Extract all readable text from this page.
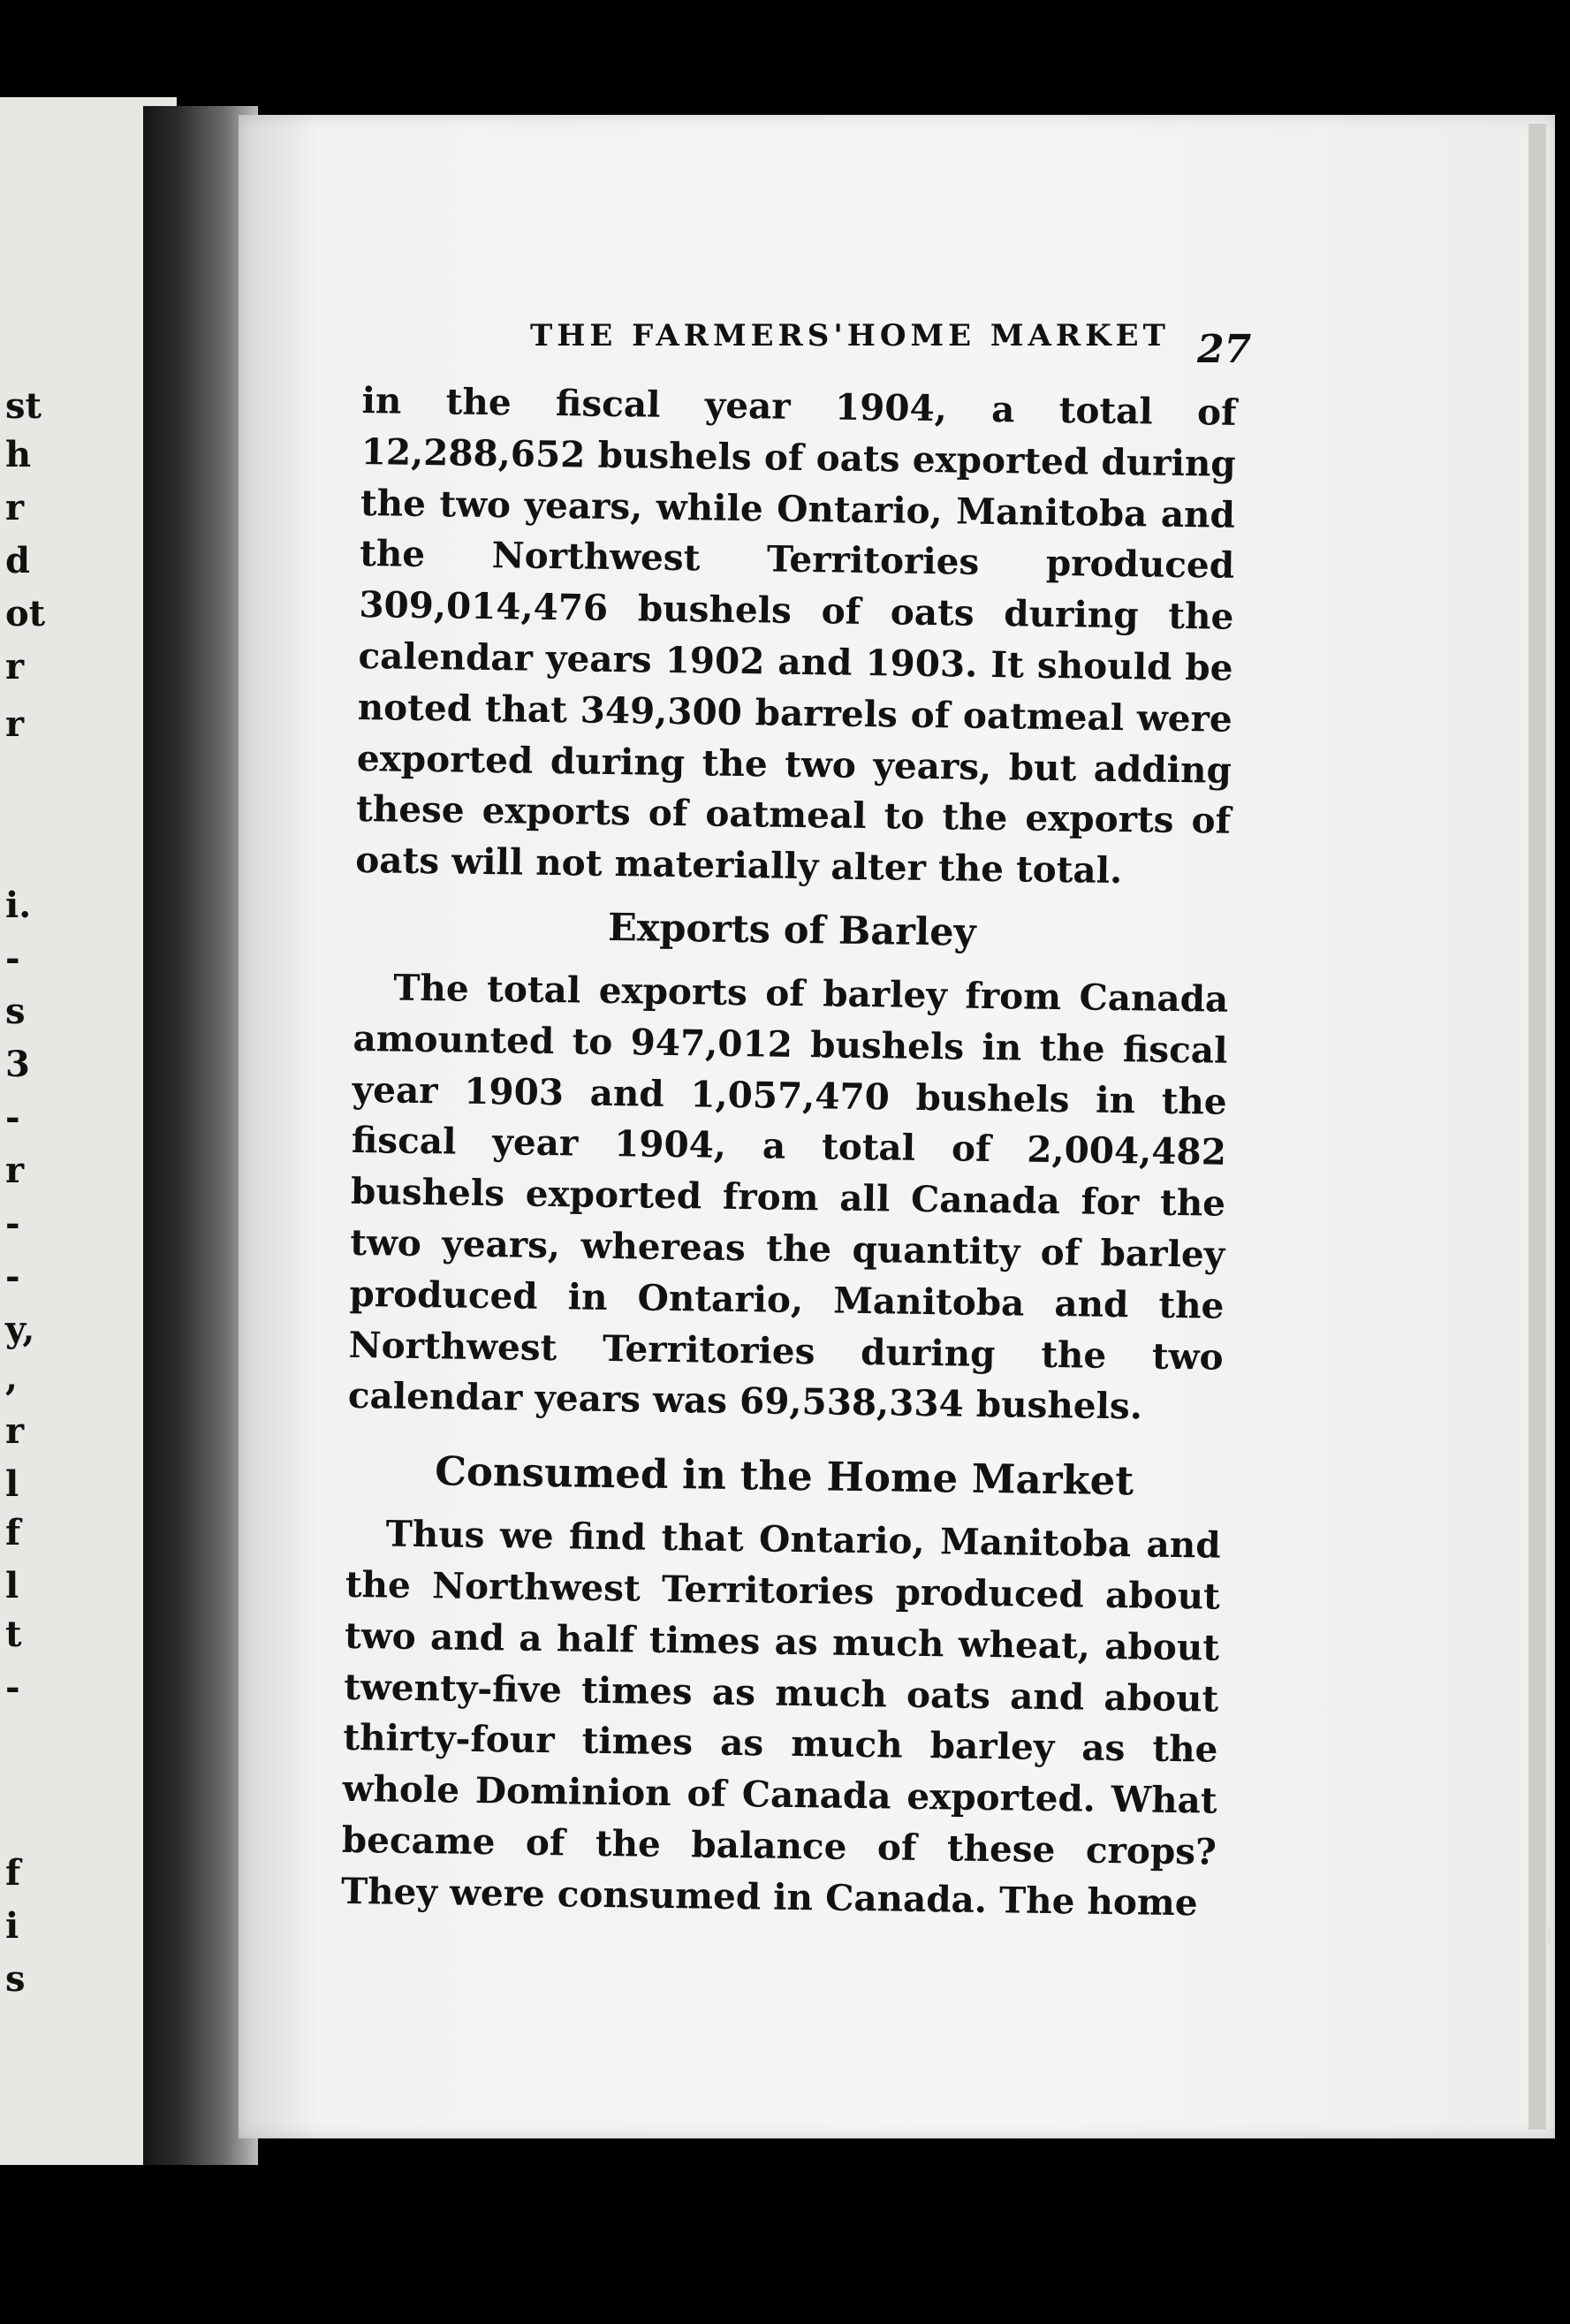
st
h
r
d
ot
r
r
i.
-
s
3
-
r
-
-
y,
,
r
l
f
l
t
-
f
i
s
THE FARMERS'HOME MARKET 27

in the fiscal year 1904, a total of 12,288,652 bushels of oats exported during the two years, while Ontario, Manitoba and the Northwest Territories produced 309,014,476 bushels of oats during the calendar years 1902 and 1903. It should be noted that 349,300 barrels of oatmeal were exported during the two years, but adding these exports of oatmeal to the exports of oats will not materially alter the total.

Exports of Barley

The total exports of barley from Canada amounted to 947,012 bushels in the fiscal year 1903 and 1,057,470 bushels in the fiscal year 1904, a total of 2,004,482 bushels exported from all Canada for the two years, whereas the quantity of barley produced in Ontario, Manitoba and the Northwest Territories during the two calendar years was 69,538,334 bushels.

Consumed in the Home Market

Thus we find that Ontario, Manitoba and the Northwest Territories produced about two and a half times as much wheat, about twenty-five times as much oats and about thirty-four times as much barley as the whole Dominion of Canada exported. What became of the balance of these crops? They were consumed in Canada. The home

ı
